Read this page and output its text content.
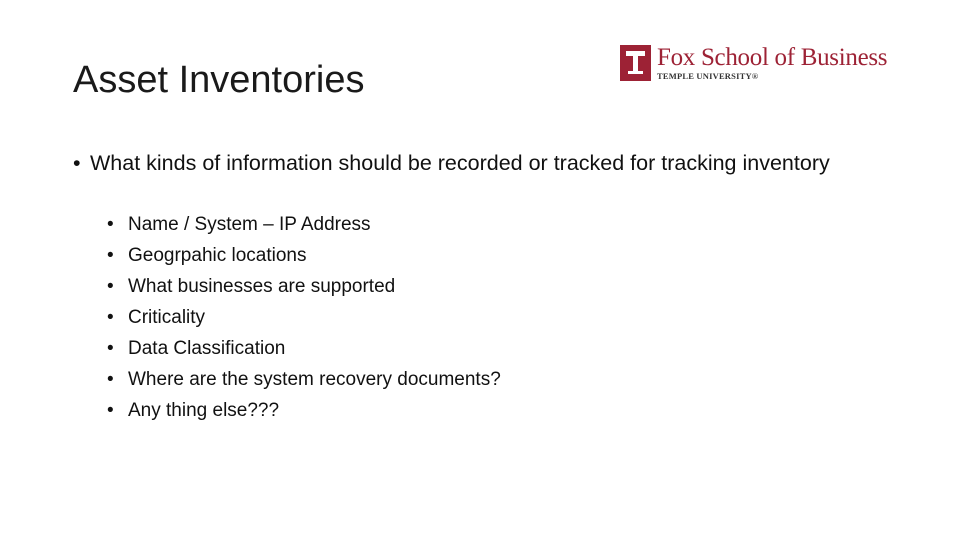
Asset Inventories
Fox School of Business
TEMPLE UNIVERSITY®
• What kinds of information should be recorded or tracked for tracking inventory
• Name / System – IP Address
• Geogrpahic locations
• What businesses are supported
• Criticality
• Data Classification
• Where are the system recovery documents?
• Any thing else???
